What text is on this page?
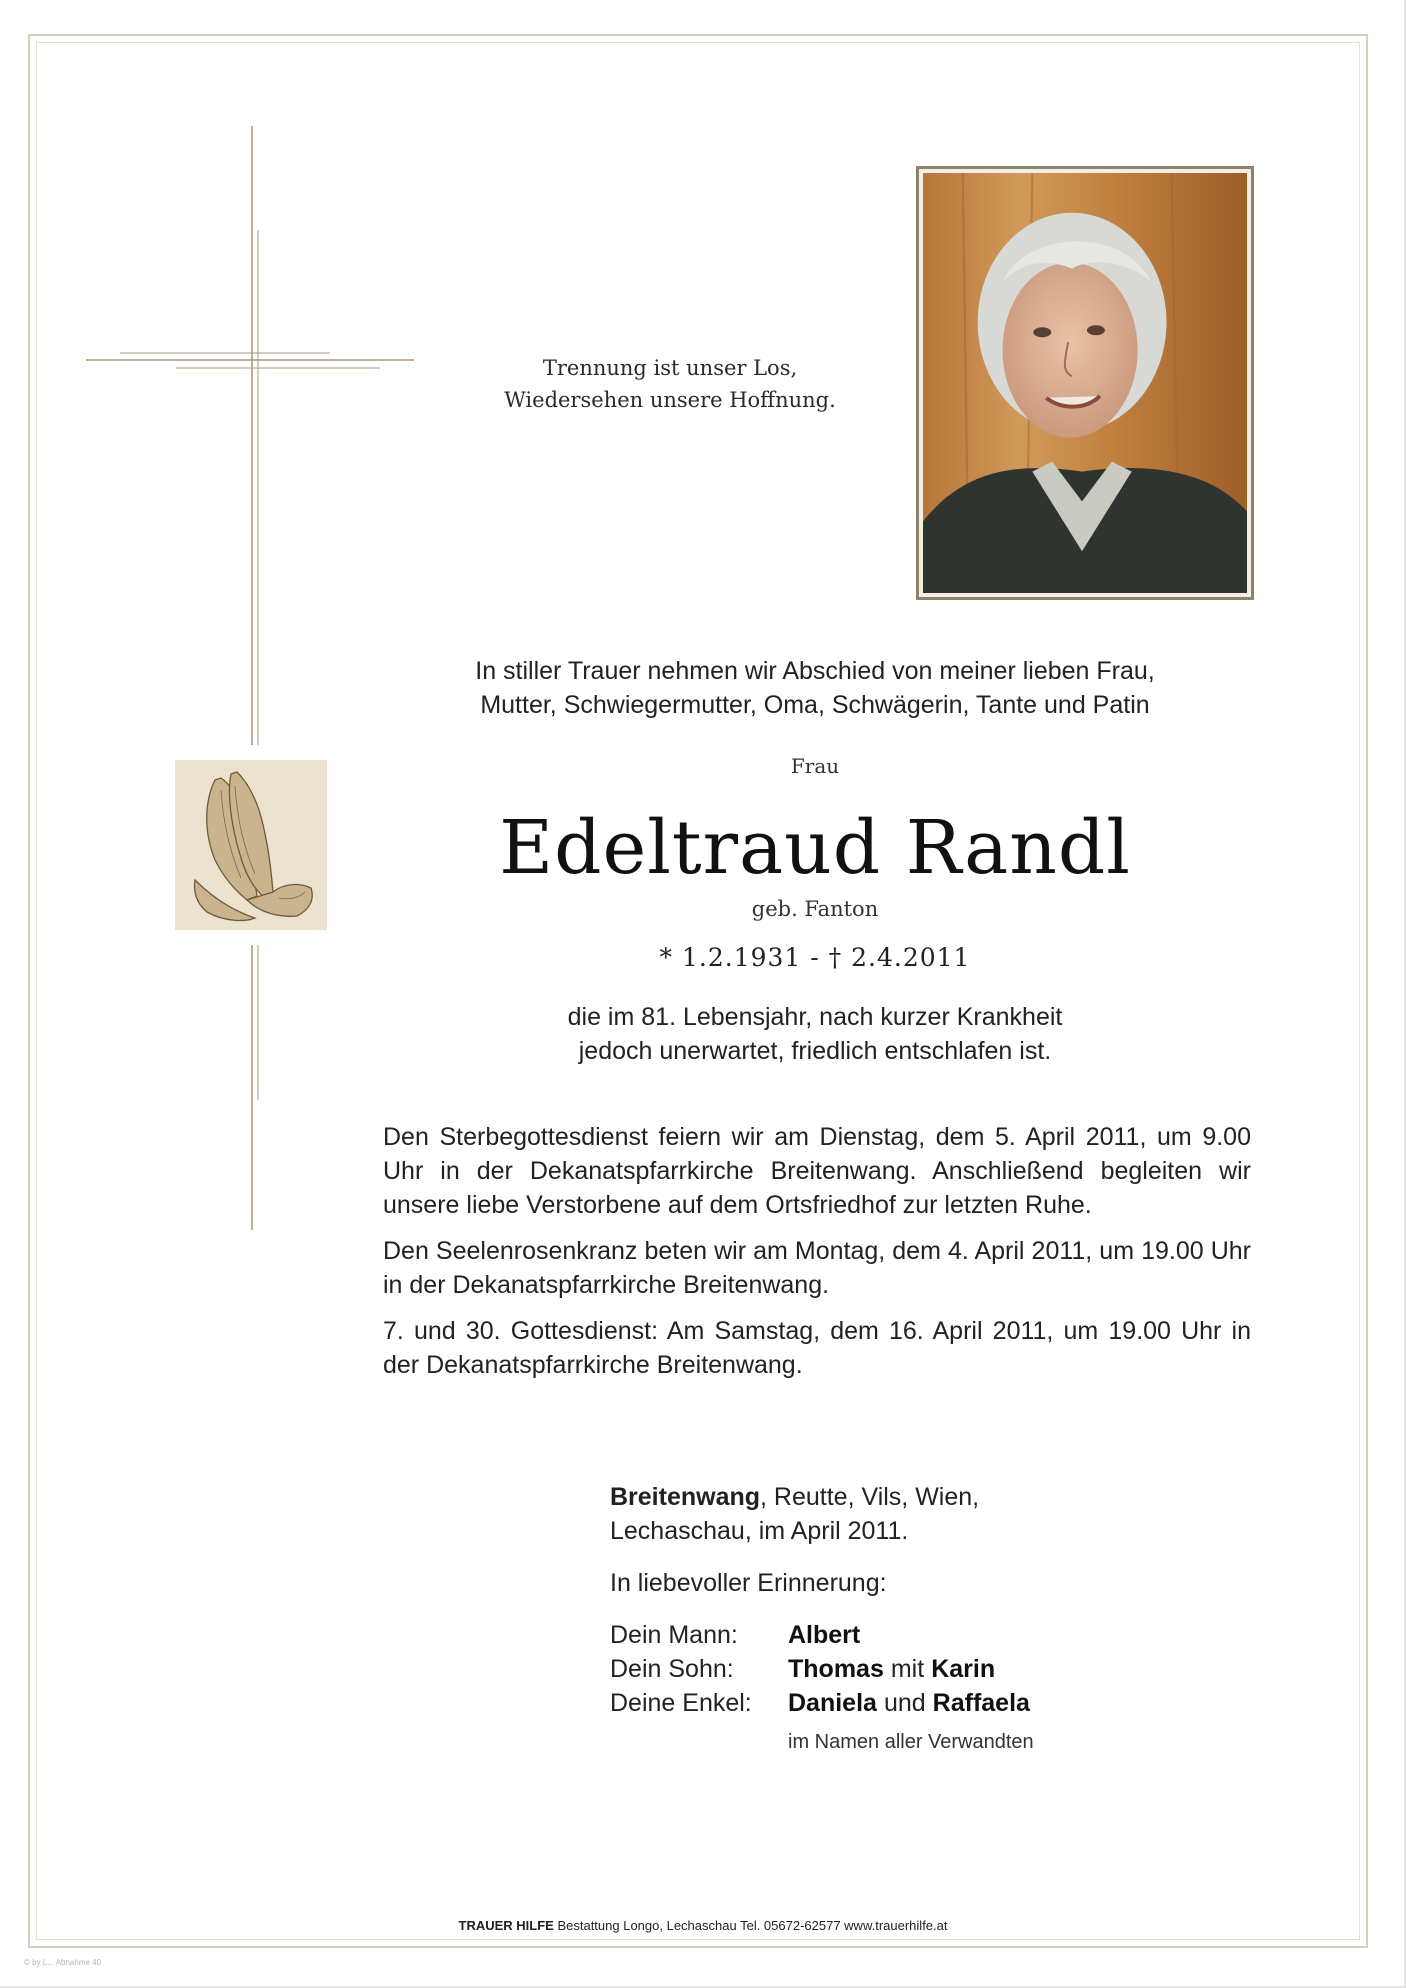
Trennung ist unser Los,
Wiedersehen unsere Hoffnung.
In stiller Trauer nehmen wir Abschied von meiner lieben Frau,
Mutter, Schwiegermutter, Oma, Schwägerin, Tante und Patin
Frau
Edeltraud Randl
geb. Fanton
* 1.2.1931 - † 2.4.2011
die im 81. Lebensjahr, nach kurzer Krankheit
jedoch unerwartet, friedlich entschlafen ist.

Den Sterbegottesdienst feiern wir am Dienstag, dem 5. April 2011, um 9.00 Uhr in der Dekanatspfarrkirche Breitenwang. Anschließend begleiten wir unsere liebe Verstorbene auf dem Ortsfriedhof zur letzten Ruhe.

Den Seelenrosenkranz beten wir am Montag, dem 4. April 2011, um 19.00 Uhr in der Dekanatspfarrkirche Breitenwang.

7. und 30. Gottesdienst: Am Samstag, dem 16. April 2011, um 19.00 Uhr in der Dekanatspfarrkirche Breitenwang.

Breitenwang, Reutte, Vils, Wien,
Lechaschau, im April 2011.
In liebevoller Erinnerung:
Dein Mann:	Albert
Dein Sohn:	Thomas mit Karin
Deine Enkel:	Daniela und Raffaela
im Namen aller Verwandten
TRAUER HILFE Bestattung Longo, Lechaschau Tel. 05672-62577 www.trauerhilfe.at
© by L... Abnahme 40
